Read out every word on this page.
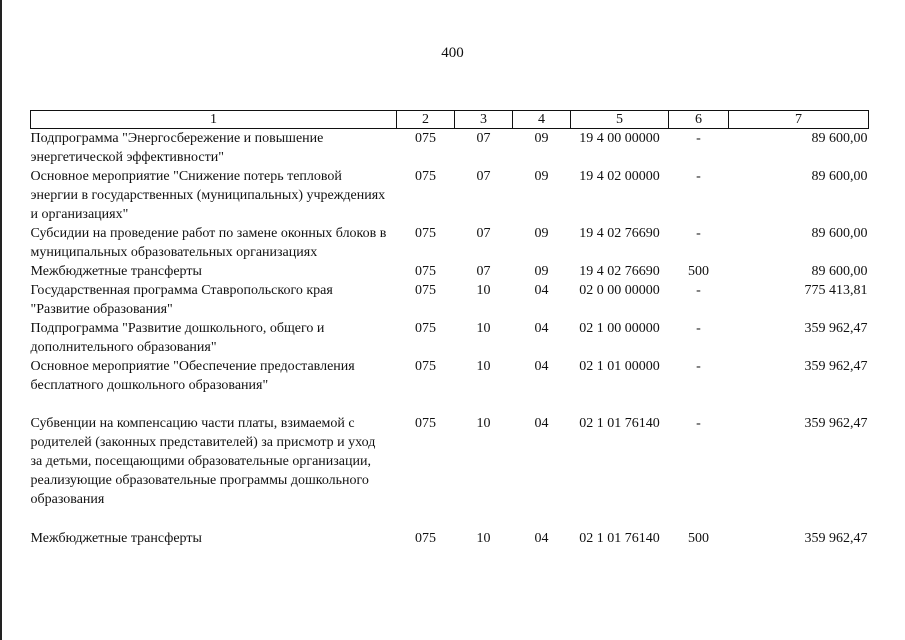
400
1	2	3	4	5	6	7
Подпрограмма "Энергосбережение и повышение энергетической эффективности"	075	07	09	19 4 00 00000	-	89 600,00
Основное мероприятие "Снижение потерь тепловой энергии в государственных (муниципальных) учреждениях и организациях"	075	07	09	19 4 02 00000	-	89 600,00
Субсидии на проведение работ по замене оконных блоков в муниципальных образовательных организациях	075	07	09	19 4 02 76690	-	89 600,00
Межбюджетные трансферты	075	07	09	19 4 02 76690	500	89 600,00
Государственная программа Ставропольского края "Развитие образования"	075	10	04	02 0 00 00000	-	775 413,81
Подпрограмма "Развитие дошкольного, общего и дополнительного образования"	075	10	04	02 1 00 00000	-	359 962,47
Основное мероприятие "Обеспечение предоставления бесплатного дошкольного образования"	075	10	04	02 1 01 00000	-	359 962,47
Субвенции на компенсацию части платы, взимаемой с родителей (законных представителей) за присмотр и уход за детьми, посещающими образовательные организации, реализующие образовательные программы дошкольного образования	075	10	04	02 1 01 76140	-	359 962,47
Межбюджетные трансферты	075	10	04	02 1 01 76140	500	359 962,47
